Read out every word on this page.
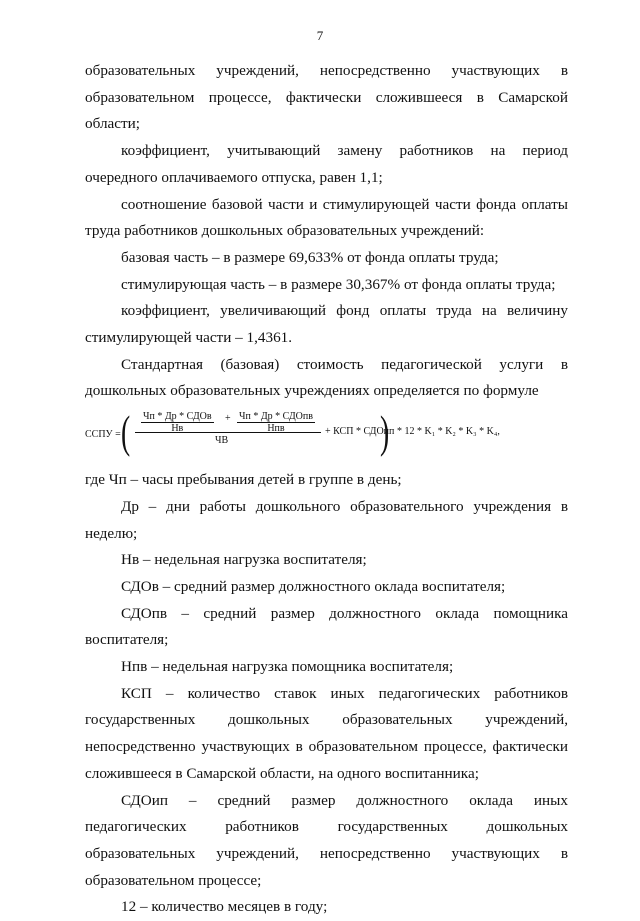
7

образовательных учреждений, непосредственно участвующих в образовательном процессе, фактически сложившееся в Самарской области;

коэффициент, учитывающий замену работников на период очередного оплачиваемого отпуска, равен 1,1;

соотношение базовой части и стимулирующей части фонда оплаты труда работников дошкольных образовательных учреждений:

базовая часть – в размере 69,633% от фонда оплаты труда;

стимулирующая часть – в размере 30,367% от фонда оплаты труда;

коэффициент, увеличивающий фонд оплаты труда на величину стимулирующей части – 1,4361.

Стандартная (базовая) стоимость педагогической услуги в дошкольных образовательных учреждениях определяется по формуле

ССПУ = ( Чп * Др * СДОв
Нв
+ Чп * Др * СДОпв
Нпв
ЧВ
+ КСП * СДОип
) * 12 * K₁ * K₂ * K₃ * K₄,

где Чп – часы пребывания детей в группе в день;

Др – дни работы дошкольного образовательного учреждения в неделю;

Нв – недельная нагрузка воспитателя;

СДОв – средний размер должностного оклада воспитателя;

СДОпв – средний размер должностного оклада помощника воспитателя;

Нпв – недельная нагрузка помощника воспитателя;

КСП – количество ставок иных педагогических работников государственных дошкольных образовательных учреждений, непосредственно участвующих в образовательном процессе, фактически сложившееся в Самарской области, на одного воспитанника;

СДОип – средний размер должностного оклада иных педагогических работников государственных дошкольных образовательных учреждений, непосредственно участвующих в образовательном процессе;

12 – количество месяцев в году;
